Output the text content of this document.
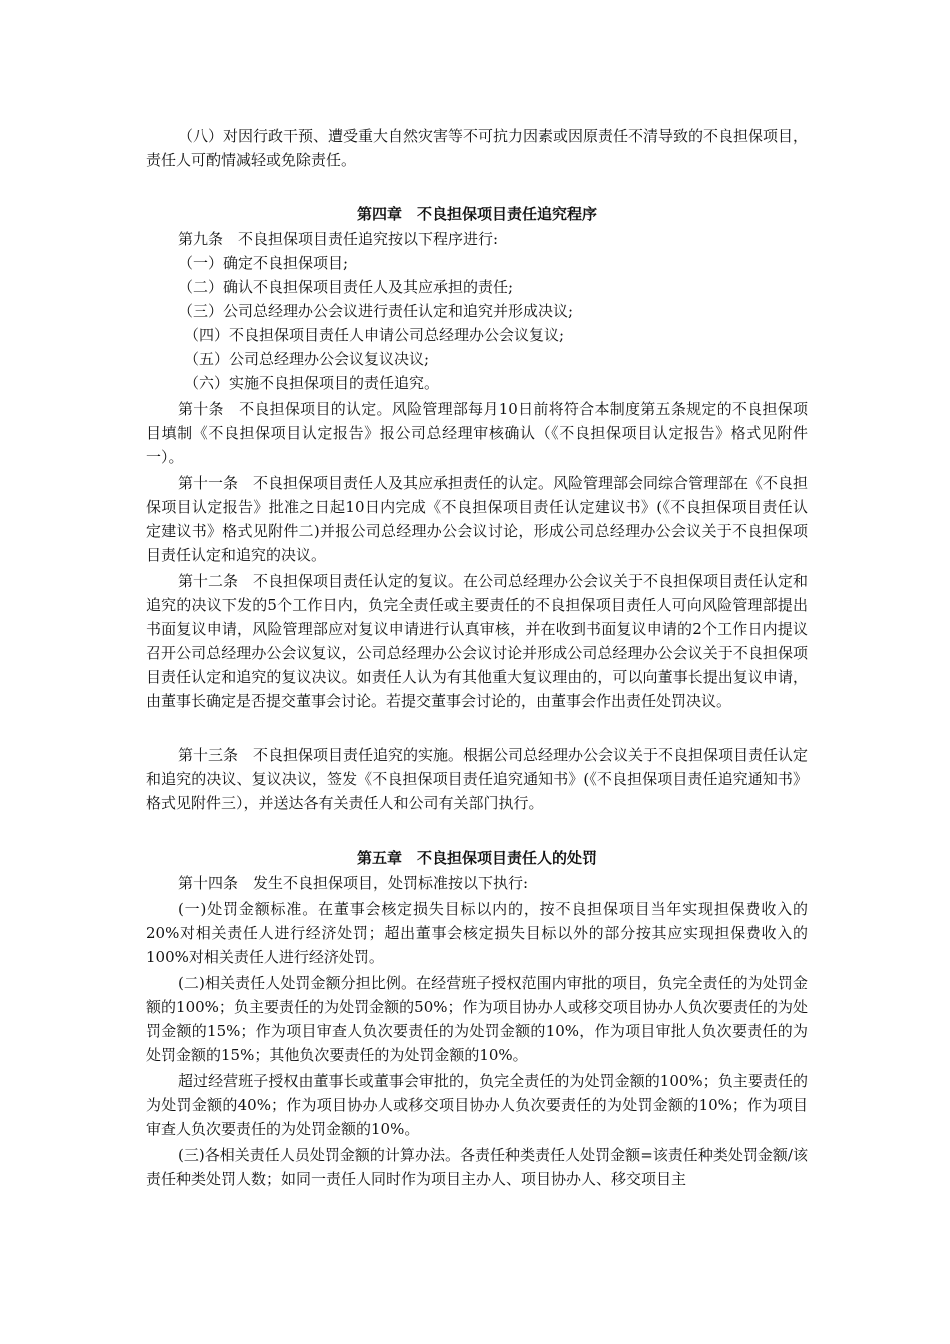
（八）对因行政干预、遭受重大自然灾害等不可抗力因素或因原责任不清导致的不良担保项目，责任人可酌情减轻或免除责任。

第四章　不良担保项目责任追究程序

第九条　不良担保项目责任追究按以下程序进行:

（一）确定不良担保项目;

（二）确认不良担保项目责任人及其应承担的责任;

（三）公司总经理办公会议进行责任认定和追究并形成决议;

（四）不良担保项目责任人申请公司总经理办公会议复议;

（五）公司总经理办公会议复议决议;

（六）实施不良担保项目的责任追究。

第十条　不良担保项目的认定。风险管理部每月10日前将符合本制度第五条规定的不良担保项目填制《不良担保项目认定报告》报公司总经理审核确认（《不良担保项目认定报告》格式见附件一）。

第十一条　不良担保项目责任人及其应承担责任的认定。风险管理部会同综合管理部在《不良担保项目认定报告》批准之日起10日内完成《不良担保项目责任认定建议书》(《不良担保项目责任认定建议书》格式见附件二)并报公司总经理办公会议讨论，形成公司总经理办公会议关于不良担保项目责任认定和追究的决议。

第十二条　不良担保项目责任认定的复议。在公司总经理办公会议关于不良担保项目责任认定和追究的决议下发的5个工作日内，负完全责任或主要责任的不良担保项目责任人可向风险管理部提出书面复议申请，风险管理部应对复议申请进行认真审核，并在收到书面复议申请的2个工作日内提议召开公司总经理办公会议复议，公司总经理办公会议讨论并形成公司总经理办公会议关于不良担保项目责任认定和追究的复议决议。如责任人认为有其他重大复议理由的，可以向董事长提出复议申请，由董事长确定是否提交董事会讨论。若提交董事会讨论的，由董事会作出责任处罚决议。

第十三条　不良担保项目责任追究的实施。根据公司总经理办公会议关于不良担保项目责任认定和追究的决议、复议决议，签发《不良担保项目责任追究通知书》(《不良担保项目责任追究通知书》格式见附件三），并送达各有关责任人和公司有关部门执行。

第五章　不良担保项目责任人的处罚

第十四条　发生不良担保项目，处罚标准按以下执行:

(一)处罚金额标准。在董事会核定损失目标以内的，按不良担保项目当年实现担保费收入的20%对相关责任人进行经济处罚；超出董事会核定损失目标以外的部分按其应实现担保费收入的100%对相关责任人进行经济处罚。

(二)相关责任人处罚金额分担比例。在经营班子授权范围内审批的项目，负完全责任的为处罚金额的100%；负主要责任的为处罚金额的50%；作为项目协办人或移交项目协办人负次要责任的为处罚金额的15%；作为项目审查人负次要责任的为处罚金额的10%，作为项目审批人负次要责任的为处罚金额的15%；其他负次要责任的为处罚金额的10%。

超过经营班子授权由董事长或董事会审批的，负完全责任的为处罚金额的100%；负主要责任的为处罚金额的40%；作为项目协办人或移交项目协办人负次要责任的为处罚金额的10%；作为项目审查人负次要责任的为处罚金额的10%。

(三)各相关责任人员处罚金额的计算办法。各责任种类责任人处罚金额=该责任种类处罚金额/该责任种类处罚人数；如同一责任人同时作为项目主办人、项目协办人、移交项目主
